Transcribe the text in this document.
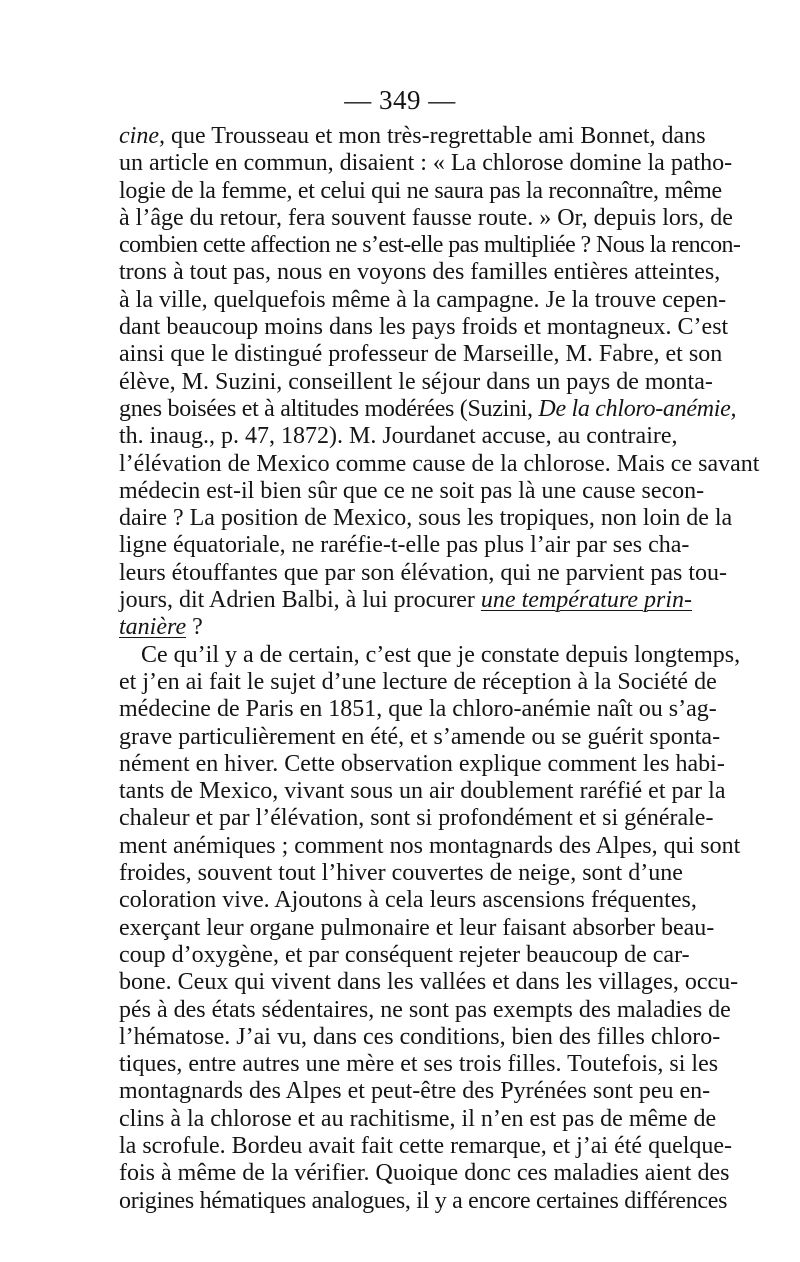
— 349 —
cine, que Trousseau et mon très-regrettable ami Bonnet, dans
un article en commun, disaient : « La chlorose domine la patho-
logie de la femme, et celui qui ne saura pas la reconnaître, même
à l’âge du retour, fera souvent fausse route. » Or, depuis lors, de
combien cette affection ne s’est-elle pas multipliée ? Nous la rencon-
trons à tout pas, nous en voyons des familles entières atteintes,
à la ville, quelquefois même à la campagne. Je la trouve cepen-
dant beaucoup moins dans les pays froids et montagneux. C’est
ainsi que le distingué professeur de Marseille, M. Fabre, et son
élève, M. Suzini, conseillent le séjour dans un pays de monta-
gnes boisées et à altitudes modérées (Suzini, De la chloro-anémie,
th. inaug., p. 47, 1872). M. Jourdanet accuse, au contraire,
l’élévation de Mexico comme cause de la chlorose. Mais ce savant
médecin est-il bien sûr que ce ne soit pas là une cause secon-
daire ? La position de Mexico, sous les tropiques, non loin de la
ligne équatoriale, ne raréfie-t-elle pas plus l’air par ses cha-
leurs étouffantes que par son élévation, qui ne parvient pas tou-
jours, dit Adrien Balbi, à lui procurer une température prin-
tanière ?
Ce qu’il y a de certain, c’est que je constate depuis longtemps,
et j’en ai fait le sujet d’une lecture de réception à la Société de
médecine de Paris en 1851, que la chloro-anémie naît ou s’ag-
grave particulièrement en été, et s’amende ou se guérit sponta-
nément en hiver. Cette observation explique comment les habi-
tants de Mexico, vivant sous un air doublement raréfié et par la
chaleur et par l’élévation, sont si profondément et si générale-
ment anémiques ; comment nos montagnards des Alpes, qui sont
froides, souvent tout l’hiver couvertes de neige, sont d’une
coloration vive. Ajoutons à cela leurs ascensions fréquentes,
exerçant leur organe pulmonaire et leur faisant absorber beau-
coup d’oxygène, et par conséquent rejeter beaucoup de car-
bone. Ceux qui vivent dans les vallées et dans les villages, occu-
pés à des états sédentaires, ne sont pas exempts des maladies de
l’hématose. J’ai vu, dans ces conditions, bien des filles chloro-
tiques, entre autres une mère et ses trois filles. Toutefois, si les
montagnards des Alpes et peut-être des Pyrénées sont peu en-
clins à la chlorose et au rachitisme, il n’en est pas de même de
la scrofule. Bordeu avait fait cette remarque, et j’ai été quelque-
fois à même de la vérifier. Quoique donc ces maladies aient des
origines hématiques analogues, il y a encore certaines différences
